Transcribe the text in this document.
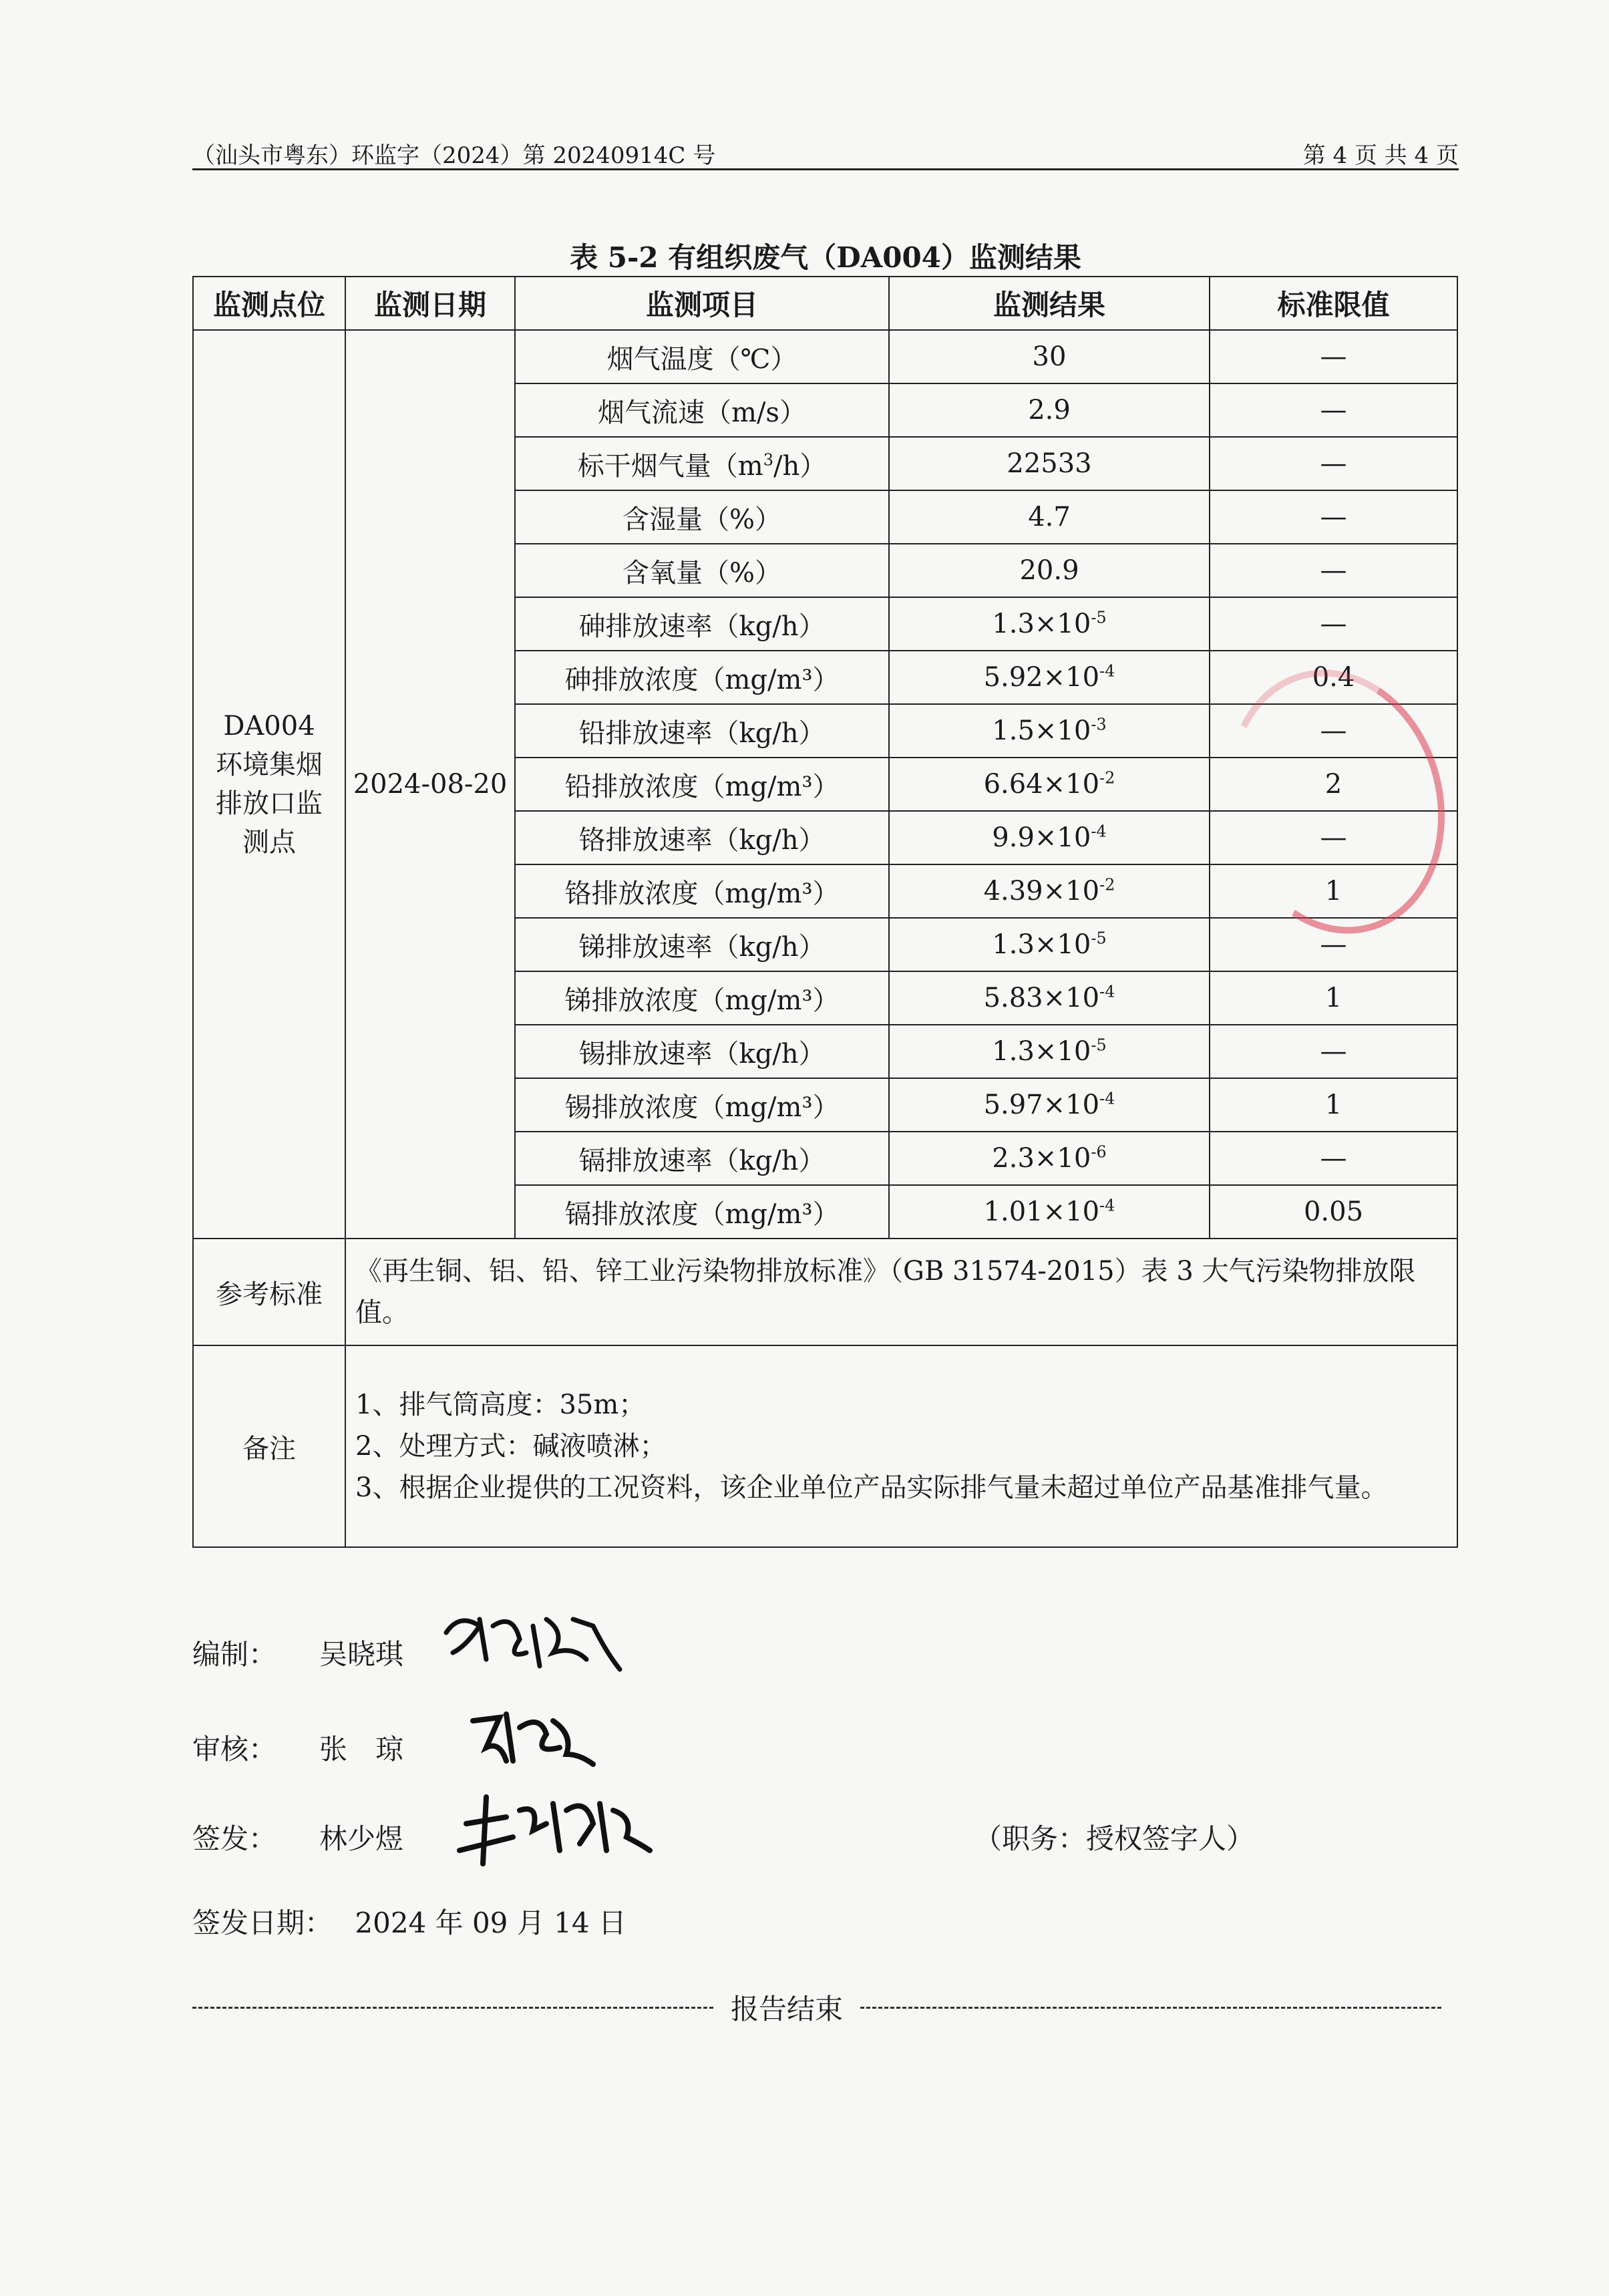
（汕头市粤东）环监字（2024）第 20240914C 号	第 4 页 共 4 页
表 5-2 有组织废气（DA004）监测结果
监测点位	监测日期	监测项目	监测结果	标准限值

DA004
环境集烟
排放口监
测点	2024-08-20	烟气温度（℃）	30	—
		烟气流速（m/s）	2.9	—
		标干烟气量$(m^3/h)$	22533	—
		含湿量（%）	4.7	—
		含氧量（%）	20.9	—
		砷排放速率（kg/h）	$1.3\times 10^{-5}$	—
		砷排放浓度（mg/m³）	$5.92\times 10^{-4}$	0.4
		铅排放速率（kg/h）	$1.5\times 10^{-3}$	—
		铅排放浓度（mg/m³）	$6.64\times 10^{-2}$	2
		铬排放速率（kg/h）	$9.9\times 10^{-4}$	—
		铬排放浓度（mg/m³）	$4.39\times 10^{-2}$	1
		锑排放速率（kg/h）	$1.3\times 10^{-5}$	—
		锑排放浓度（mg/m³）	$5.83\times 10^{-4}$	1
		锡排放速率（kg/h）	$1.3\times 10^{-5}$	—
		锡排放浓度（mg/m³）	$5.97\times 10^{-4}$	1
		镉排放速率（kg/h）	$2.3\times 10^{-6}$	—
		镉排放浓度（mg/m³）	$1.01\times 10^{-4}$	0.05
参考标准	《再生铜、铝、铅、锌工业污染物排放标准》（GB 31574-2015）表 3 大气污染物排放限值。			
备注	1、排气筒高度：35m；
2、处理方式：碱液喷淋；
3、根据企业提供的工况资料，该企业单位产品实际排气量未超过单位产品基准排气量。			
编制：	吴晓琪
审核：	张　琼
签发：	林少煜	（职务：授权签字人）
签发日期： 2024 年 09 月 14 日
报告结束
